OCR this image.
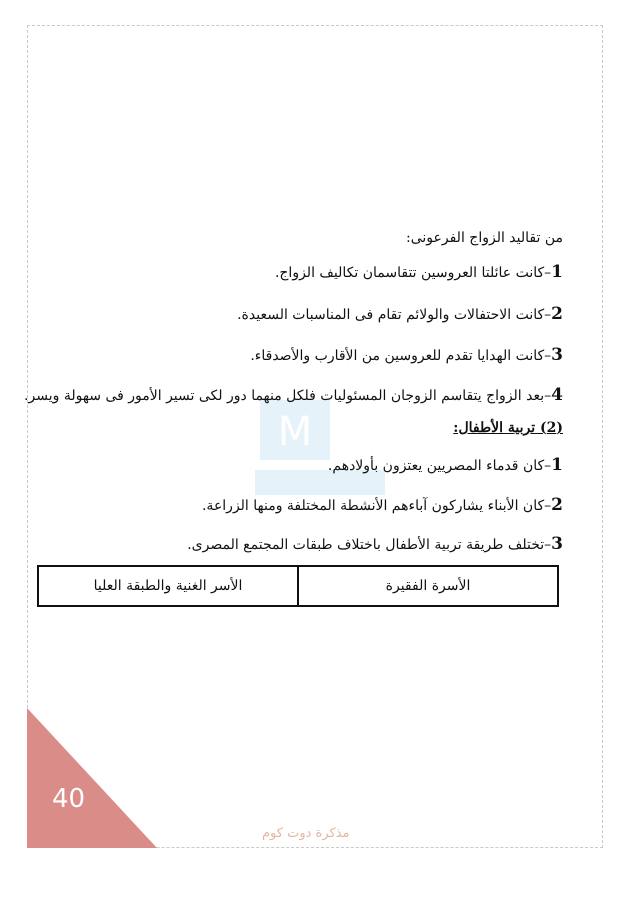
M
من تقاليد الزواج الفرعونى:
1–كانت عائلتا العروسين تتقاسمان تكاليف الزواج.
2–كانت الاحتفالات والولائم تقام فى المناسبات السعيدة.
3–كانت الهدايا تقدم للعروسين من الأقارب والأصدقاء.
4–بعد الزواج يتقاسم الزوجان المسئوليات فلكل منهما دور لكى تسير الأمور فى سهولة ويسر.
(2) تربية الأطفال:
1–كان قدماء المصريين يعتزون بأولادهم.
2–كان الأبناء يشاركون آباءهم الأنشطة المختلفة ومنها الزراعة.
3–تختلف طريقة تربية الأطفال باختلاف طبقات المجتمع المصرى.
الأسرة الفقيرة	الأسر الغنية والطبقة العليا
40
مذكرة دوت كوم
